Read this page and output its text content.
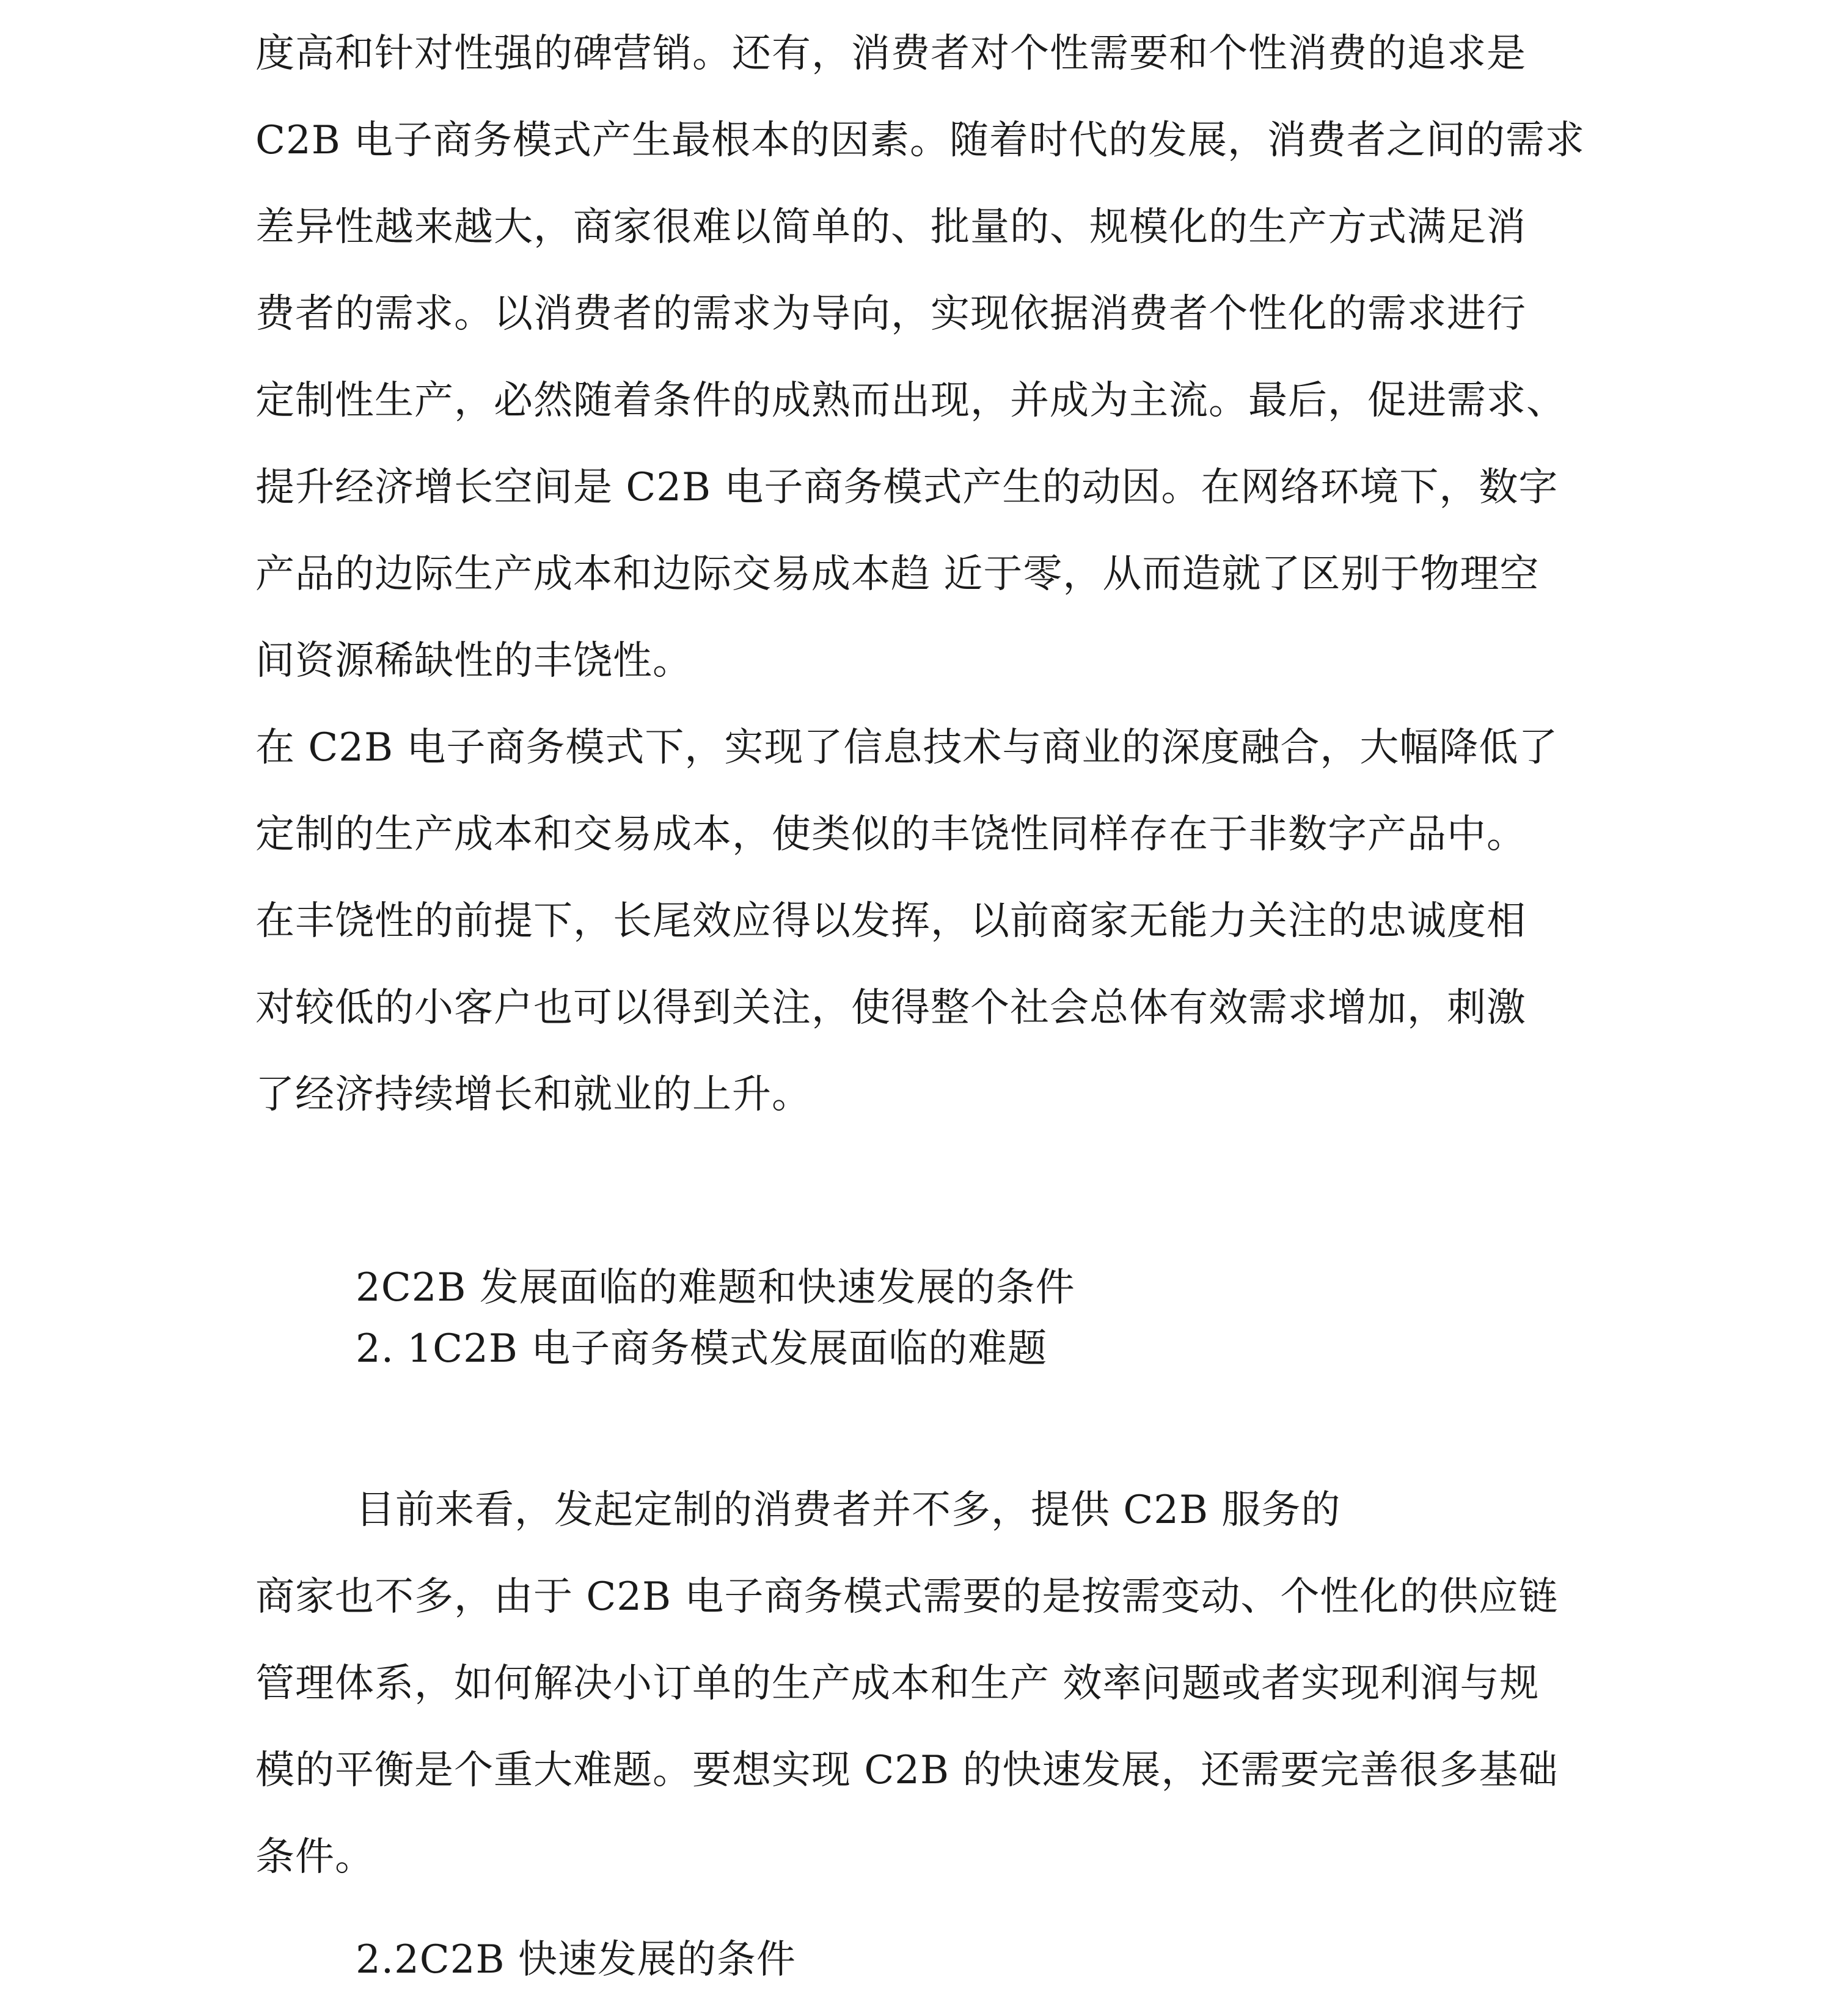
度高和针对性强的碑营销。还有，消费者对个性需要和个性消费的追求是
C2B 电子商务模式产生最根本的因素。随着时代的发展，消费者之间的需求
差异性越来越大，商家很难以简单的、批量的、规模化的生产方式满足消
费者的需求。以消费者的需求为导向，实现依据消费者个性化的需求进行
定制性生产，必然随着条件的成熟而出现，并成为主流。最后，促进需求、
提升经济增长空间是 C2B 电子商务模式产生的动因。在网络环境下，数字
产品的边际生产成本和边际交易成本趋 近于零，从而造就了区别于物理空
间资源稀缺性的丰饶性。
在 C2B 电子商务模式下，实现了信息技术与商业的深度融合，大幅降低了
定制的生产成本和交易成本，使类似的丰饶性同样存在于非数字产品中。
在丰饶性的前提下，长尾效应得以发挥，以前商家无能力关注的忠诚度相
对较低的小客户也可以得到关注，使得整个社会总体有效需求增加，刺激
了经济持续增长和就业的上升。
2C2B 发展面临的难题和快速发展的条件
2. 1C2B 电子商务模式发展面临的难题
目前来看，发起定制的消费者并不多，提供 C2B 服务的
商家也不多，由于 C2B 电子商务模式需要的是按需变动、个性化的供应链
管理体系，如何解决小订单的生产成本和生产 效率问题或者实现利润与规
模的平衡是个重大难题。要想实现 C2B 的快速发展，还需要完善很多基础
条件。
2.2C2B 快速发展的条件
